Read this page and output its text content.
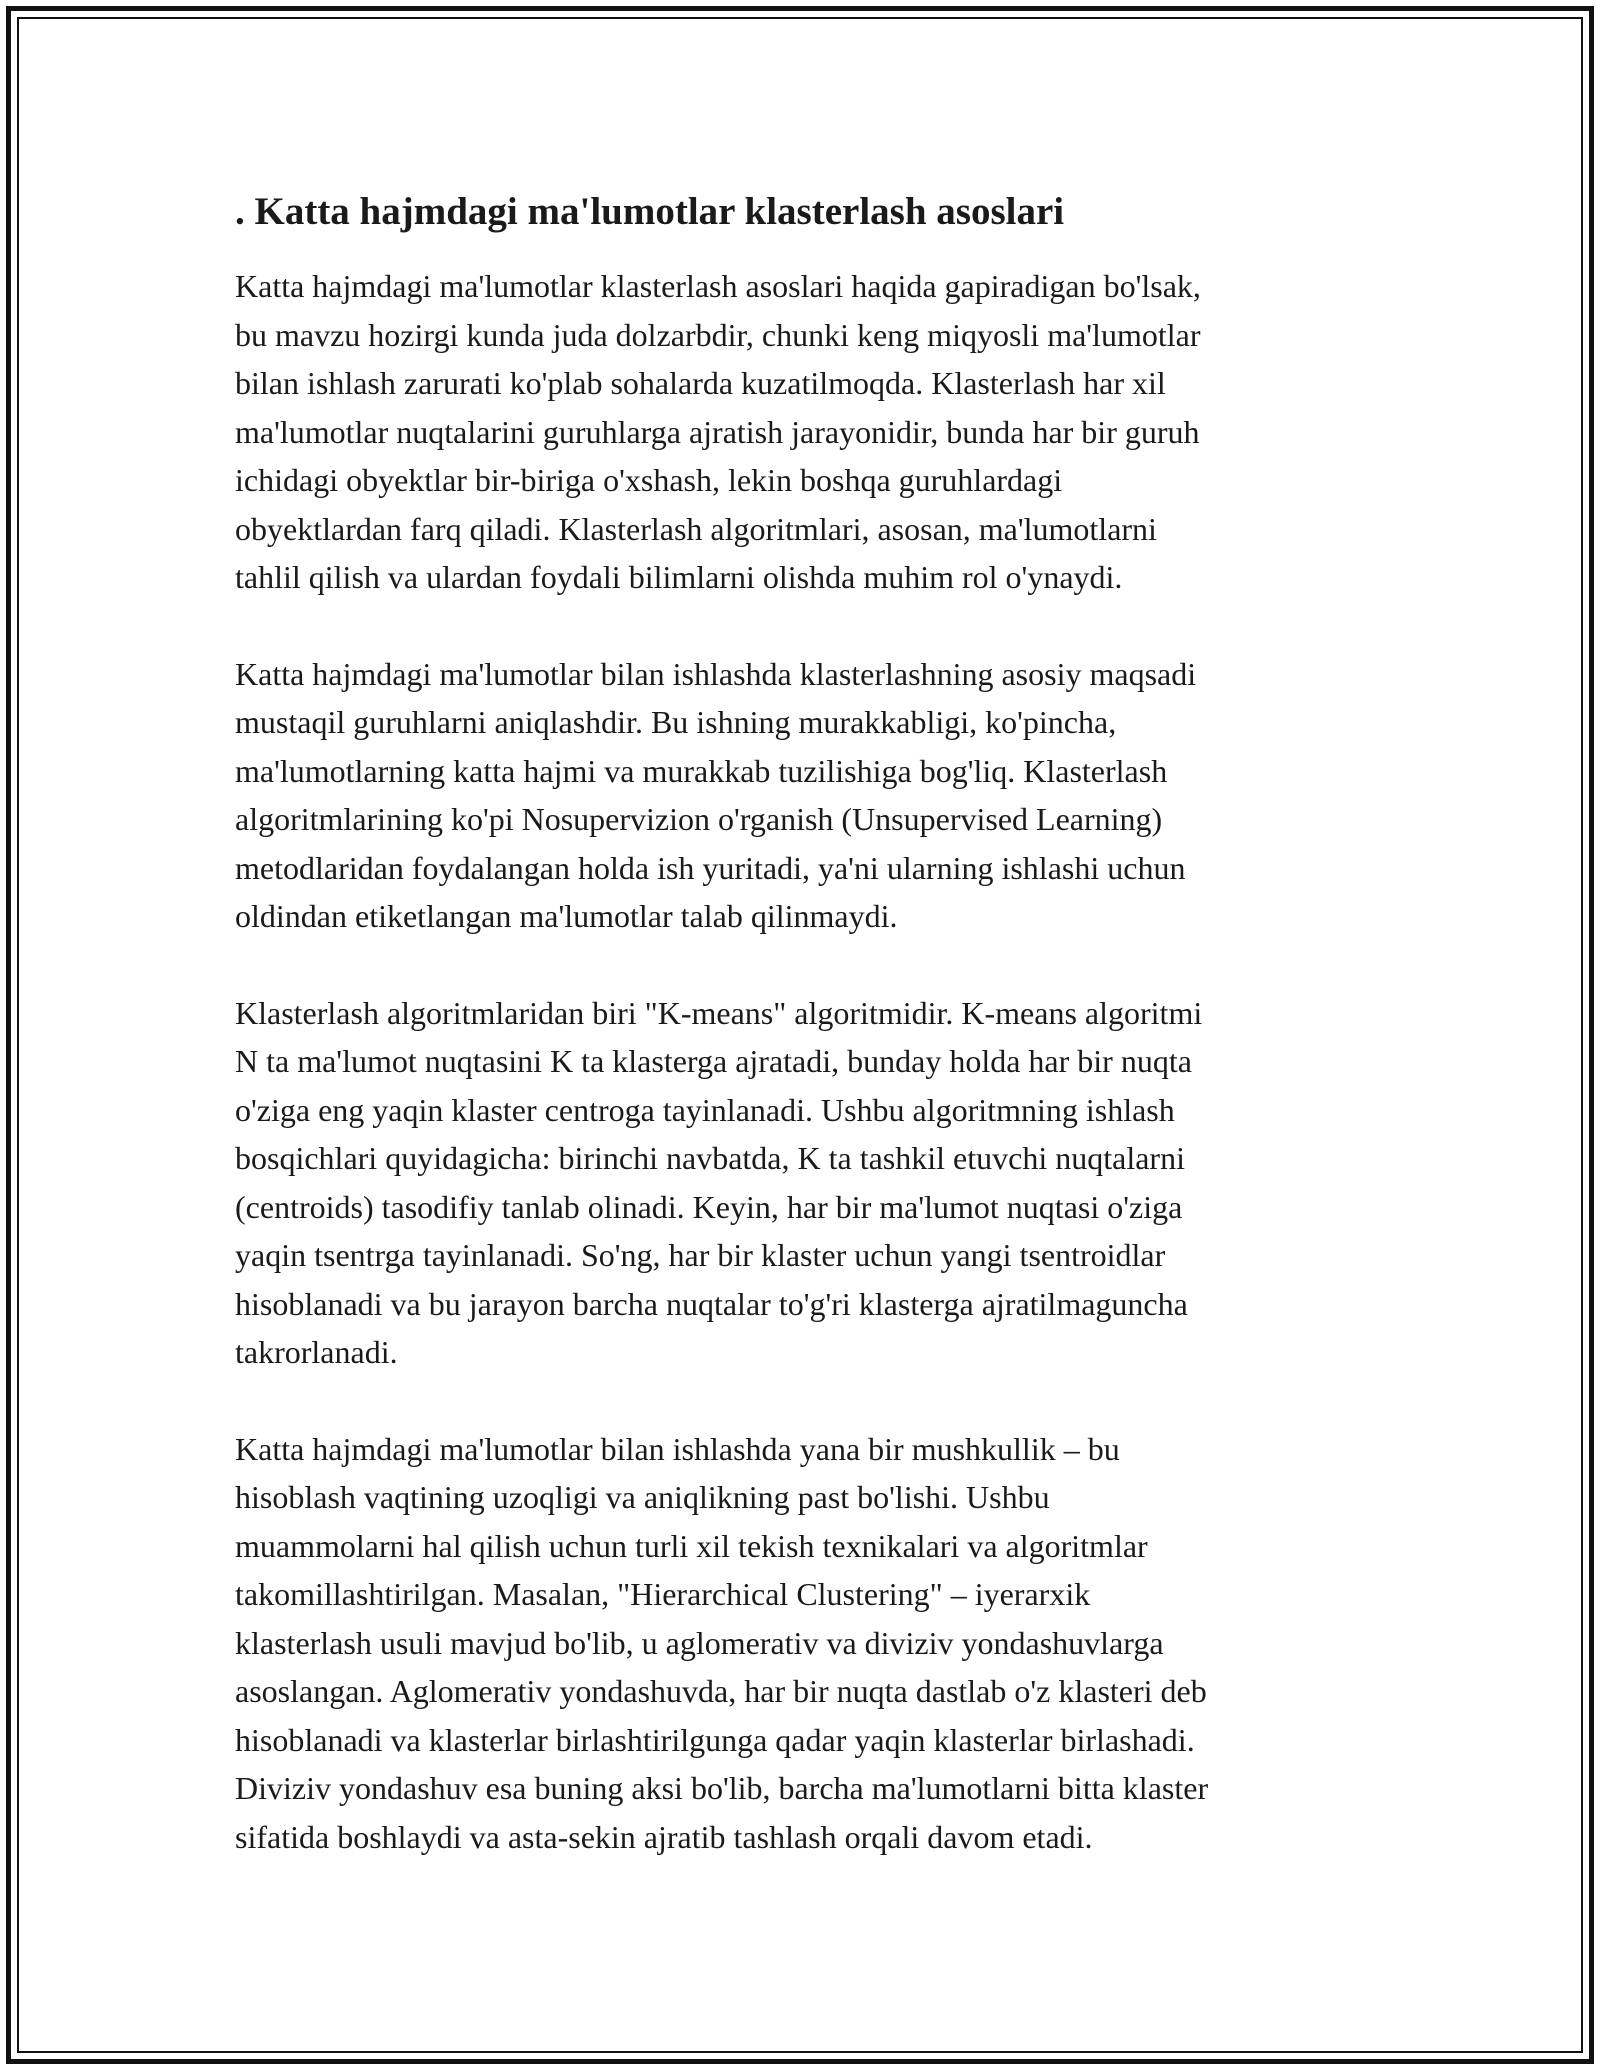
. Katta hajmdagi ma'lumotlar klasterlash asoslari

Katta hajmdagi ma'lumotlar klasterlash asoslari haqida gapiradigan bo'lsak,
bu mavzu hozirgi kunda juda dolzarbdir, chunki keng miqyosli ma'lumotlar
bilan ishlash zarurati ko'plab sohalarda kuzatilmoqda. Klasterlash har xil
ma'lumotlar nuqtalarini guruhlarga ajratish jarayonidir, bunda har bir guruh
ichidagi obyektlar bir-biriga o'xshash, lekin boshqa guruhlardagi
obyektlardan farq qiladi. Klasterlash algoritmlari, asosan, ma'lumotlarni
tahlil qilish va ulardan foydali bilimlarni olishda muhim rol o'ynaydi.

Katta hajmdagi ma'lumotlar bilan ishlashda klasterlashning asosiy maqsadi
mustaqil guruhlarni aniqlashdir. Bu ishning murakkabligi, ko'pincha,
ma'lumotlarning katta hajmi va murakkab tuzilishiga bog'liq. Klasterlash
algoritmlarining ko'pi Nosupervizion o'rganish (Unsupervised Learning)
metodlaridan foydalangan holda ish yuritadi, ya'ni ularning ishlashi uchun
oldindan etiketlangan ma'lumotlar talab qilinmaydi.

Klasterlash algoritmlaridan biri "K-means" algoritmidir. K-means algoritmi
N ta ma'lumot nuqtasini K ta klasterga ajratadi, bunday holda har bir nuqta
o'ziga eng yaqin klaster centroga tayinlanadi. Ushbu algoritmning ishlash
bosqichlari quyidagicha: birinchi navbatda, K ta tashkil etuvchi nuqtalarni
(centroids) tasodifiy tanlab olinadi. Keyin, har bir ma'lumot nuqtasi o'ziga
yaqin tsentrga tayinlanadi. So'ng, har bir klaster uchun yangi tsentroidlar
hisoblanadi va bu jarayon barcha nuqtalar to'g'ri klasterga ajratilmaguncha
takrorlanadi.

Katta hajmdagi ma'lumotlar bilan ishlashda yana bir mushkullik – bu
hisoblash vaqtining uzoqligi va aniqlikning past bo'lishi. Ushbu
muammolarni hal qilish uchun turli xil tekish texnikalari va algoritmlar
takomillashtirilgan. Masalan, "Hierarchical Clustering" – iyerarxik
klasterlash usuli mavjud bo'lib, u aglomerativ va diviziv yondashuvlarga
asoslangan. Aglomerativ yondashuvda, har bir nuqta dastlab o'z klasteri deb
hisoblanadi va klasterlar birlashtirilgunga qadar yaqin klasterlar birlashadi.
Diviziv yondashuv esa buning aksi bo'lib, barcha ma'lumotlarni bitta klaster
sifatida boshlaydi va asta-sekin ajratib tashlash orqali davom etadi.
